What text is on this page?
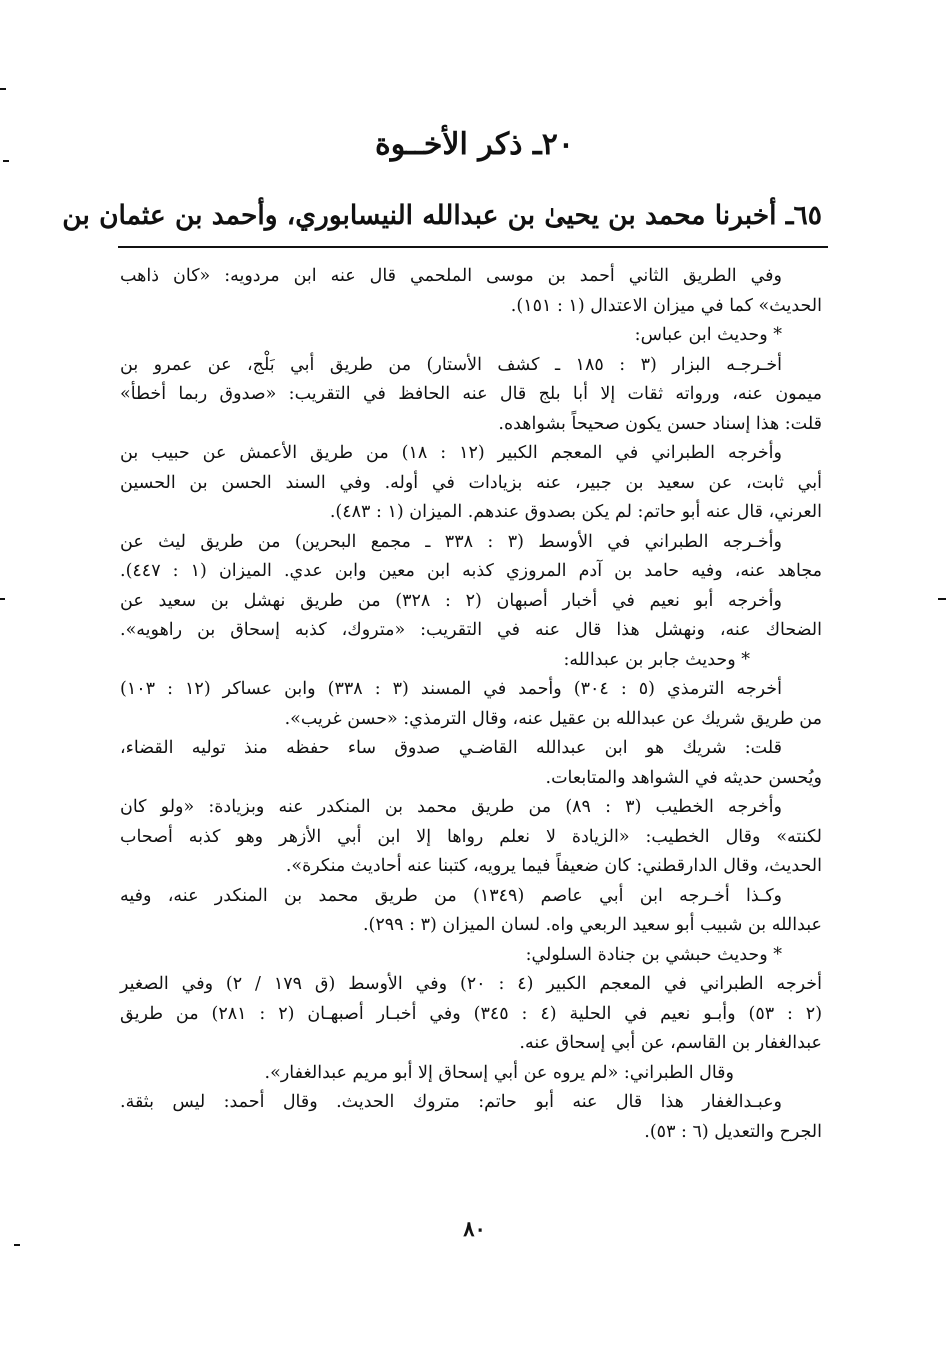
٢٠ـ ذكر الأخــوة
٦٥ـ أخبرنا محمد بن يحيىٰ بن عبدالله النيسابوري، وأحمد بن عثمان بن
وفي الطريق الثاني أحمد بن موسى الملحمي قال عنه ابن مردويه: «كان ذاهب
الحديث» كما في ميزان الاعتدال (١ : ١٥١).
* وحديث ابن عباس:
أخـرجـه البزار (٣ : ١٨٥ ـ كشف الأستار) من طريق أبي بَلْج، عن عمرو بن
ميمون عنه، ورواته ثقات إلا أبا بلج قال عنه الحافظ في التقريب: «صدوق ربما أخطأ»
قلت: هذا إسناد حسن يكون صحيحاً بشواهده.
وأخرجه الطبراني في المعجم الكبير (١٢ : ١٨) من طريق الأعمش عن حبيب بن
أبي ثابت، عن سعيد بن جبير، عنه بزيادات في أوله. وفي السند الحسن بن الحسين
العرني، قال عنه أبو حاتم: لم يكن بصدوق عندهم. الميزان (١ : ٤٨٣).
وأخـرجه الطبراني في الأوسط (٣ : ٣٣٨ ـ مجمع البحرين) من طريق ليث عن
مجاهد عنه، وفيه حامد بن آدم المروزي كذبه ابن معين وابن عدي. الميزان (١ : ٤٤٧).
وأخرجه أبو نعيم في أخبار أصبهان (٢ : ٣٢٨) من طريق نهشل بن سعيد عن
الضحاك عنه، ونهشل هذا قال عنه في التقريب: «متروك، كذبه إسحاق بن راهويه».
* وحديث جابر بن عبدالله:
أخرجه الترمذي (٥ : ٣٠٤) وأحمد في المسند (٣ : ٣٣٨) وابن عساكر (١٢ : ١٠٣)
من طريق شريك عن عبدالله بن عقيل عنه، وقال الترمذي: «حسن غريب».
قلت: شريك هو ابن عبدالله القاضـي صدوق ساء حفظه منذ توليه القضاء،
ويُحسن حديثه في الشواهد والمتابعات.
وأخرجه الخطيب (٣ : ٨٩) من طريق محمد بن المنكدر عنه وبزيادة: «ولو كان
لكنته» وقال الخطيب: «الزيادة لا نعلم رواها إلا ابن أبي الأزهر وهو كذبه أصحاب
الحديث، وقال الدارقطني: كان ضعيفاً فيما يرويه، كتبنا عنه أحاديث منكرة».
وكـذا أخـرجه ابن أبي عاصم (١٣٤٩) من طريق محمد بن المنكدر عنه، وفيه
عبدالله بن شبيب أبو سعيد الربعي واه. لسان الميزان (٣ : ٢٩٩).
* وحديث حبشي بن جنادة السلولي:
أخرجه الطبراني في المعجم الكبير (٤ : ٢٠) وفي الأوسط (ق ١٧٩ / ٢) وفي الصغير
(٢ : ٥٣) وأبـو نعيم في الحلية (٤ : ٣٤٥) وفي أخبـار أصبهـان (٢ : ٢٨١) من طريق
عبدالغفار بن القاسم، عن أبي إسحاق عنه.
وقال الطبراني: «لم يروه عن أبي إسحاق إلا أبو مريم عبدالغفار».
وعبـدالغفار هذا قال عنه أبو حاتم: متروك الحديث. وقال أحمد: ليس بثقة.
الجرح والتعديل (٦ : ٥٣).
٨٠
